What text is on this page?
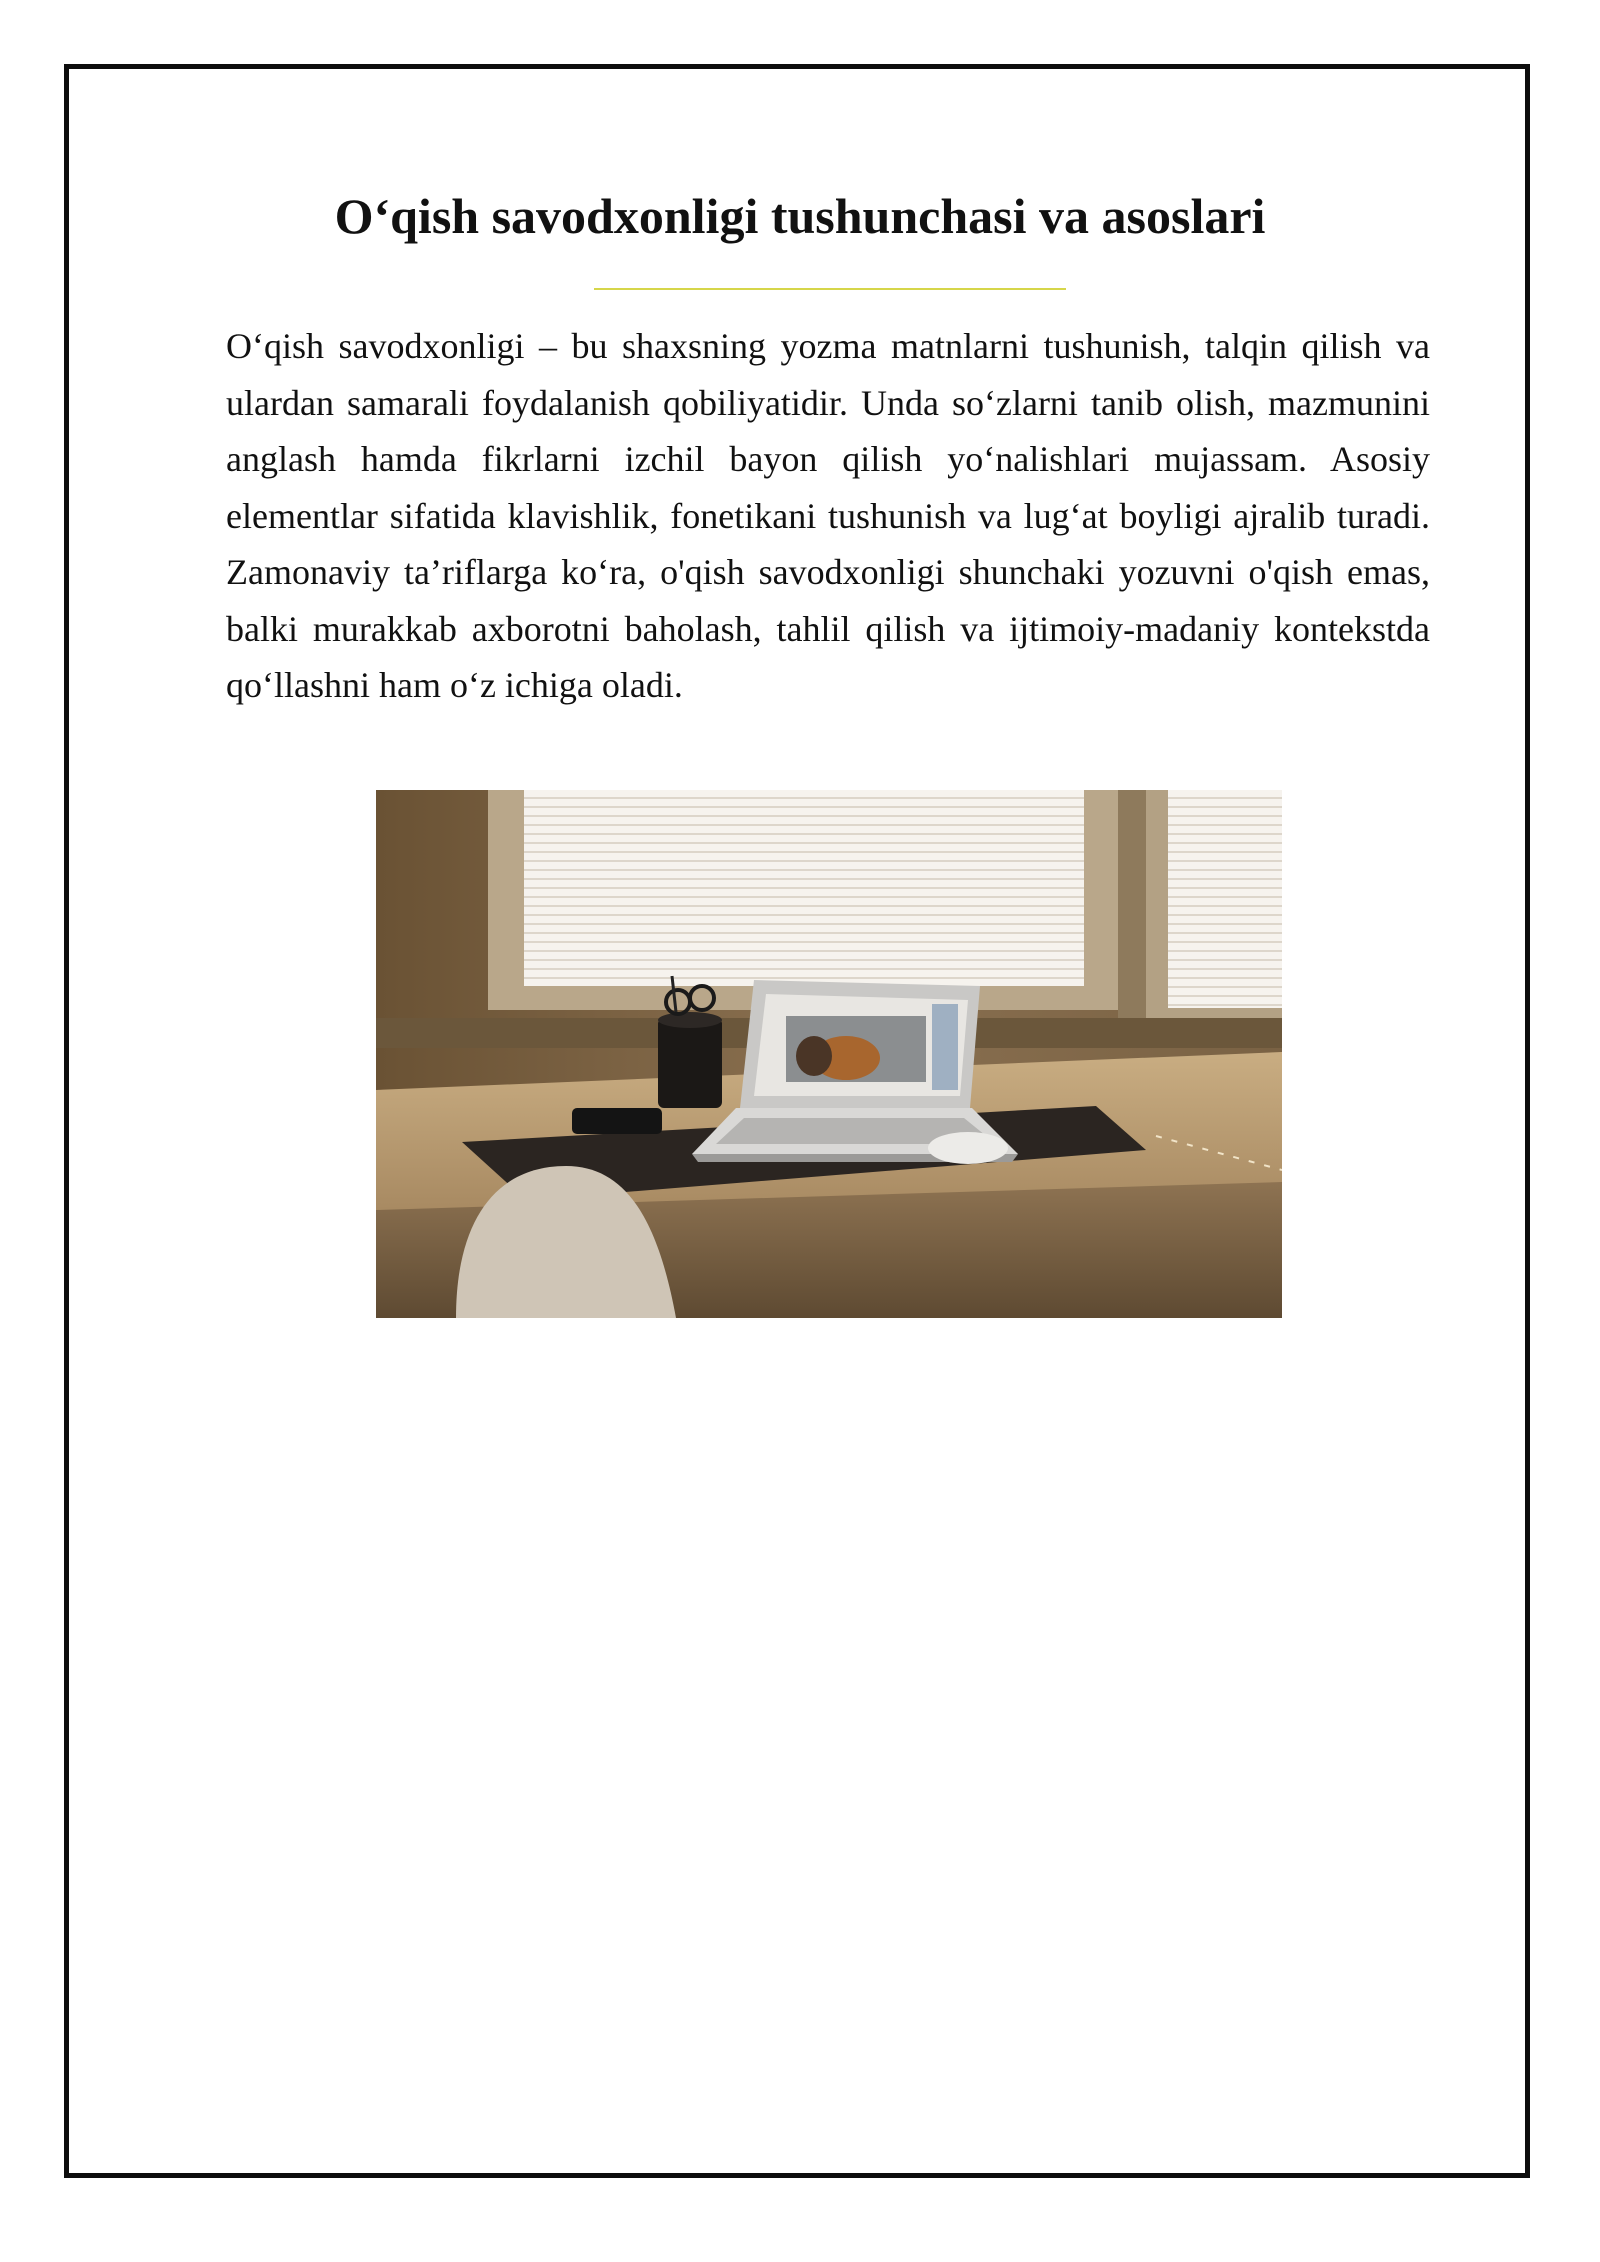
O‘qish savodxonligi tushunchasi va asoslari

O‘qish savodxonligi – bu shaxsning yozma matnlarni tushunish, talqin qilish va ulardan samarali foydalanish qobiliyatidir. Unda so‘zlarni tanib olish, mazmunini anglash hamda fikrlarni izchil bayon qilish yo‘nalishlari mujassam. Asosiy elementlar sifatida klavishlik, fonetikani tushunish va lug‘at boyligi ajralib turadi. Zamonaviy ta’riflarga ko‘ra, o'qish savodxonligi shunchaki yozuvni o'qish emas, balki murakkab axborotni baholash, tahlil qilish va ijtimoiy-madaniy kontekstda qo‘llashni ham o‘z ichiga oladi.
